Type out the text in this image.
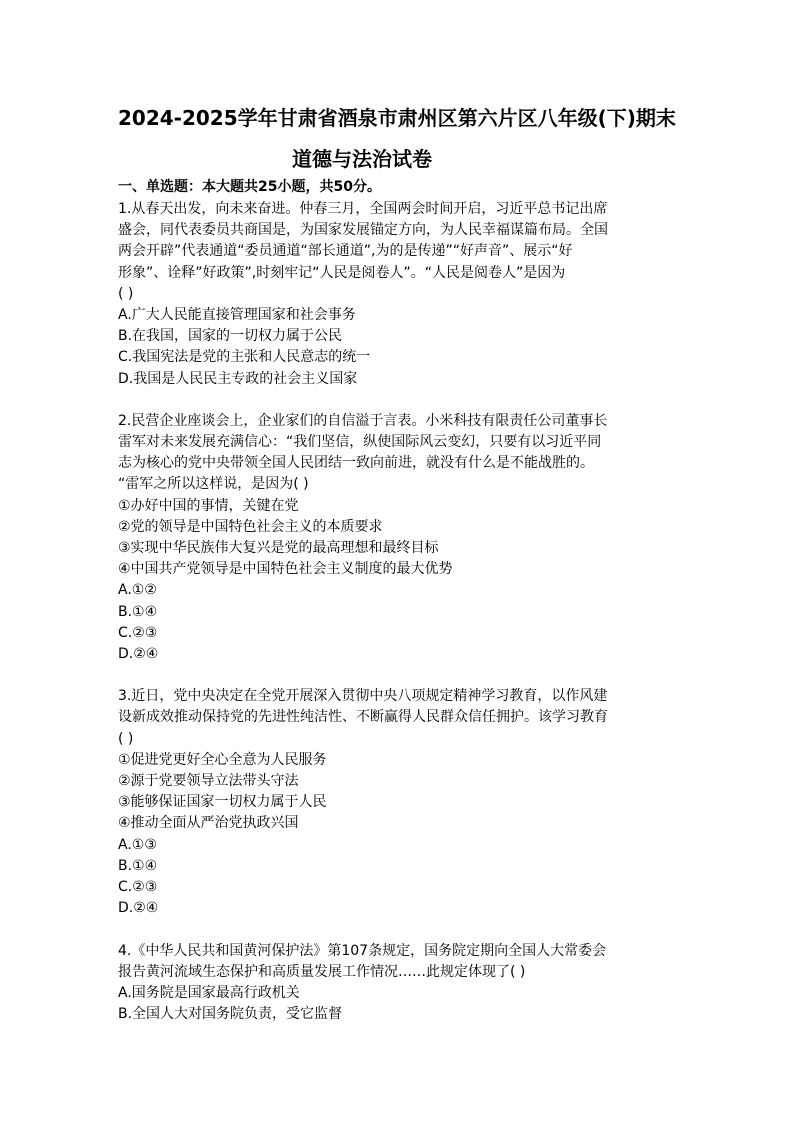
2024-2025学年甘肃省酒泉市肃州区第六片区八年级(下)期末
道德与法治试卷
一、单选题：本大题共25小题，共50分。

1.从春天出发，向未来奋进。仲春三月，全国两会时间开启，习近平总书记出席

盛会，同代表委员共商国是，为国家发展锚定方向，为人民幸福谋篇布局。全国

两会开辟”代表通道“委员通道“部长通道”,为的是传递”“好声音”、展示“好

形象”、诠释”好政策”,时刻牢记“人民是阅卷人”。“人民是阅卷人”是因为

( )

A.广大人民能直接管理国家和社会事务

B.在我国，国家的一切权力属于公民

C.我国宪法是党的主张和人民意志的统一

D.我国是人民民主专政的社会主义国家

2.民营企业座谈会上，企业家们的自信溢于言表。小米科技有限责任公司董事长

雷军对未来发展充满信心：“我们坚信，纵使国际风云变幻，只要有以习近平同

志为核心的党中央带领全国人民团结一致向前进，就没有什么是不能战胜的。

“雷军之所以这样说，是因为( )

①办好中国的事情，关键在党

②党的领导是中国特色社会主义的本质要求

③实现中华民族伟大复兴是党的最高理想和最终目标

④中国共产党领导是中国特色社会主义制度的最大优势

A.①②

B.①④

C.②③

D.②④

3.近日，党中央决定在全党开展深入贯彻中央八项规定精神学习教育，以作风建

设新成效推动保持党的先进性纯洁性、不断赢得人民群众信任拥护。该学习教育

( )

①促进党更好全心全意为人民服务

②源于党要领导立法带头守法

③能够保证国家一切权力属于人民

④推动全面从严治党执政兴国

A.①③

B.①④

C.②③

D.②④

4.《中华人民共和国黄河保护法》第107条规定，国务院定期向全国人大常委会

报告黄河流域生态保护和高质量发展工作情况……此规定体现了( )

A.国务院是国家最高行政机关

B.全国人大对国务院负责，受它监督
